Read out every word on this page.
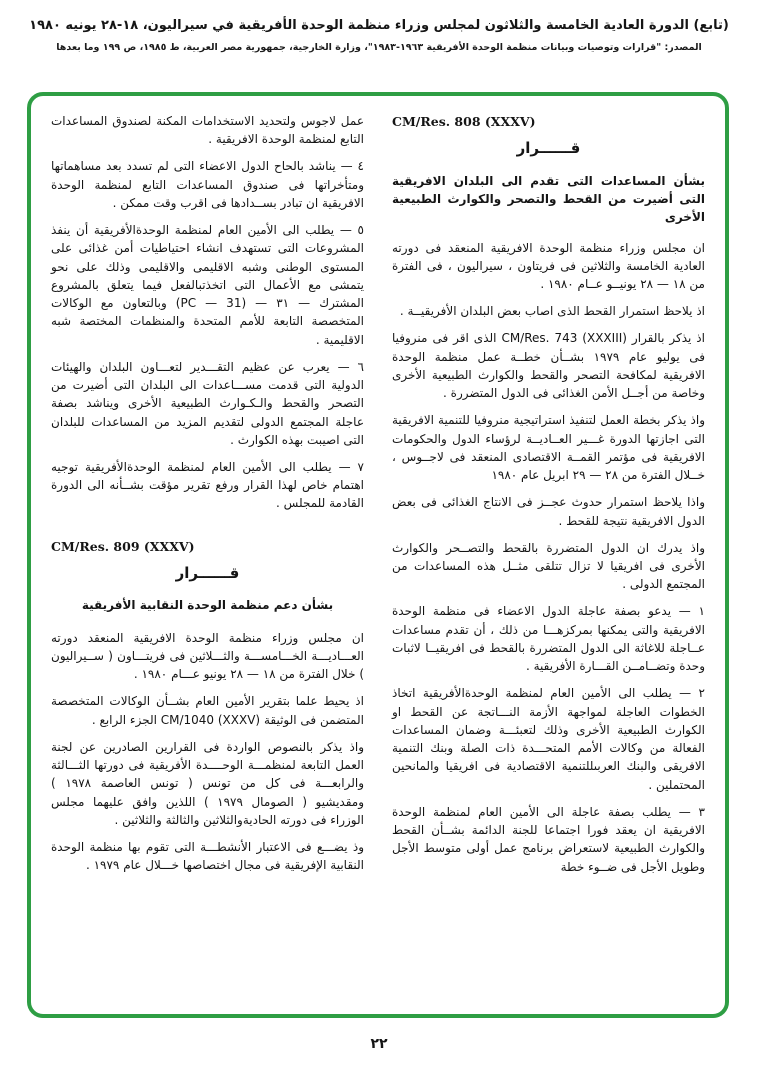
(تابع) الدورة العادية الخامسة والثلاثون لمجلس وزراء منظمة الوحدة الأفريقية في سيراليون، ١٨-٢٨ يونيه ١٩٨٠
المصدر: "قرارات وتوصيات وبيانات منظمة الوحدة الأفريقية ١٩٦٣-١٩٨٣"، وزارة الخارجية، جمهورية مصر العربية، ط ١٩٨٥، ص ١٩٩ وما بعدها

CM/Res. 808 (XXXV)

قــــــرار

بشأن المساعدات التى تقدم الى البلدان الافريقية التى أضيرت من القحط والتصحر والكوارث الطبيعية الأخرى

ان مجلس وزراء منظمة الوحدة الافريقية المنعقد فى دورته العادية الخامسة والثلاثين فى فريتاون ، سيراليون ، فى الفترة من ١٨ — ٢٨ يونيــو عــام ١٩٨٠ .

اذ يلاحظ استمرار القحط الذى اصاب بعض البلدان الأفريقيــة .

اذ يذكر بالقرار CM/Res. 743 (XXXIII) الذى اقر فى منروفيا فى يوليو عام ١٩٧٩ بشــأن خطــة عمل منظمة الوحدة الافريقية لمكافحة التصحر والقحط والكوارث الطبيعية الأخرى وخاصة من أجــل الأمن الغذائى فى الدول المتضررة .

واذ يذكر بخطة العمل لتنفيذ استراتيجية منروفيا للتنمية الافريقية التى اجازتها الدورة غـــير العــاديــة لرؤساء الدول والحكومات الافريقية فى مؤتمر القمــة الاقتصادى المنعقد فى لاجــوس ، خــلال الفترة من ٢٨ — ٢٩ ابريل عام ١٩٨٠

واذا يلاحظ استمرار حدوث عجــز فى الانتاج الغذائى فى بعض الدول الافريقية نتيجة للقحط .

واذ يدرك ان الدول المتضررة بالقحط والتصــحر والكوارث الأخرى فى افريقيا لا تزال تتلقى مثــل هذه المساعدات من المجتمع الدولى .

١ — يدعو بصفة عاجلة الدول الاعضاء فى منظمة الوحدة الافريقية والتى يمكنها بمركزهـــا من ذلك ، أن تقدم مساعدات عــاجلة للاغاثة الى الدول المتضررة بالقحط فى افريقيــا لاثبات وحدة وتضــامــن القـــارة الأفريقية .

٢ — يطلب الى الأمين العام لمنظمة الوحدةالأفريقية اتخاذ الخطوات العاجلة لمواجهة الأزمة النـــاتجة عن القحط او الكوارث الطبيعية الأخرى وذلك لتعبئـــة وضمان المساعدات الفعالة من وكالات الأمم المتحـــدة ذات الصلة وبنك التنمية الافريقى والبنك العربىللتنمية الاقتصادية فى افريقيا والمانحين المحتملين .

٣ — يطلب بصفة عاجلة الى الأمين العام لمنظمة الوحدة الافريقية ان يعقد فورا اجتماعا للجنة الدائمة بشــأن القحط والكوارث الطبيعية لاستعراض برنامج عمل أولى متوسط الأجل وطويل الأجل فى ضــوء خطة

عمل لاجوس ولتحديد الاستخدامات المكنة لصندوق المساعدات التابع لمنظمة الوحدة الافريقية .

٤ — يناشد بالحاح الدول الاعضاء التى لم تسدد بعد مساهماتها ومتأخراتها فى صندوق المساعدات التابع لمنظمة الوحدة الافريقية ان تبادر بســدادها فى اقرب وقت ممكن .

٥ — يطلب الى الأمين العام لمنظمة الوحدةالأفريقية أن ينفذ المشروعات التى تستهدف انشاء احتياطيات أمن غذائى على المستوى الوطنى وشبه الاقليمى والاقليمى وذلك على نحو يتمشى مع الأعمال التى اتخذتبالفعل فيما يتعلق بالمشروع المشترك — ٣١ — (PC — 31) وبالتعاون مع الوكالات المتخصصة التابعة للأمم المتحدة والمنظمات المختصة شبه الاقليمية .

٦ — يعرب عن عظيم التقـــدير لتعـــاون البلدان والهيئات الدولية التى قدمت مســـاعدات الى البلدان التى أضيرت من التصحر والقحط والـكـوارث الطبيعية الأخرى ويناشد بصفة عاجلة المجتمع الدولى لتقديم المزيد من المساعدات للبلدان التى اصيبت بهذه الكوارث .

٧ — يطلب الى الأمين العام لمنظمة الوحدةالأفريقية توجيه اهتمام خاص لهذا القرار ورفع تقرير مؤقت بشــأنه الى الدورة القادمة للمجلس .

CM/Res. 809 (XXXV)

قــــــرار

بشأن دعم منظمة الوحدة النقابية الأفريقية

ان مجلس وزراء منظمة الوحدة الافريقية المنعقد دورته العـــاديـــة الخـــامســـة والثـــلاثين فى فريتـــاون ( ســيراليون ) خلال الفترة من ١٨ — ٢٨ يونيو عـــام ١٩٨٠ .

اذ يحيط علما بتقرير الأمين العام بشــأن الوكالات المتخصصة المتضمن فى الوثيقة CM/1040 (XXXV) الجزء الرابع .

واذ يذكر بالنصوص الواردة فى القرارين الصادرين عن لجنة العمل التابعة لمنظمـــة الوحــــدة الأفريقية فى دورتها الثـــالثة والرابعـــة فى كل من تونس ( تونس العاصمة ١٩٧٨ ) ومقديشيو ( الصومال ١٩٧٩ ) اللذين وافق عليهما مجلس الوزراء فى دورته الحاديةوالثلاثين والثالثة والثلاثين .

وذ يضـــع فى الاعتبار الأنشطـــة التى تقوم بها منظمة الوحدة النقابية الإفريقية فى مجال اختصاصها خـــلال عام ١٩٧٩ .

٢٢
